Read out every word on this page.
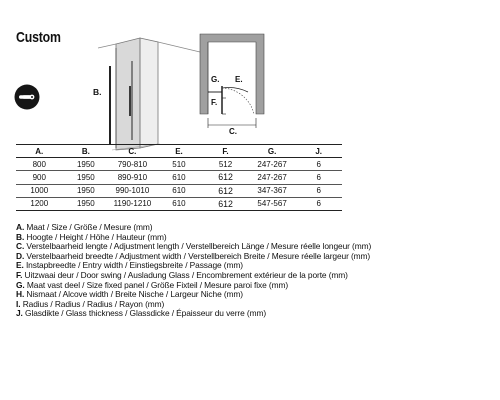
Custom
B.
G. E.
F.
C.
A.	B.	C.	E.	F.	G.	J.
800	1950	790-810	510	512	247-267	6
900	1950	890-910	610	612	247-267	6
1000	1950	990-1010	610	612	347-367	6
1200	1950	1190-1210	610	612	547-567	6
A. Maat / Size / Größe / Mesure (mm)
B. Hoogte / Height / Höhe / Hauteur (mm)
C. Verstelbaarheid lengte / Adjustment length / Verstellbereich Länge / Mesure réelle longeur (mm)
D. Verstelbaarheid breedte / Adjustment width / Verstellbereich Breite / Mesure réelle largeur (mm)
E. Instapbreedte / Entry width / Einstiegsbreite / Passage (mm)
F. Uitzwaai deur / Door swing / Ausladung Glass / Encombrement extérieur de la porte (mm)
G. Maat vast deel / Size fixed panel / Größe Fixteil / Mesure paroi fixe (mm)
H. Nismaat / Alcove width / Breite Nische / Largeur Niche (mm)
I. Radius / Radius / Radius / Rayon (mm)
J. Glasdikte / Glass thickness / Glassdicke / Épaisseur du verre (mm)
